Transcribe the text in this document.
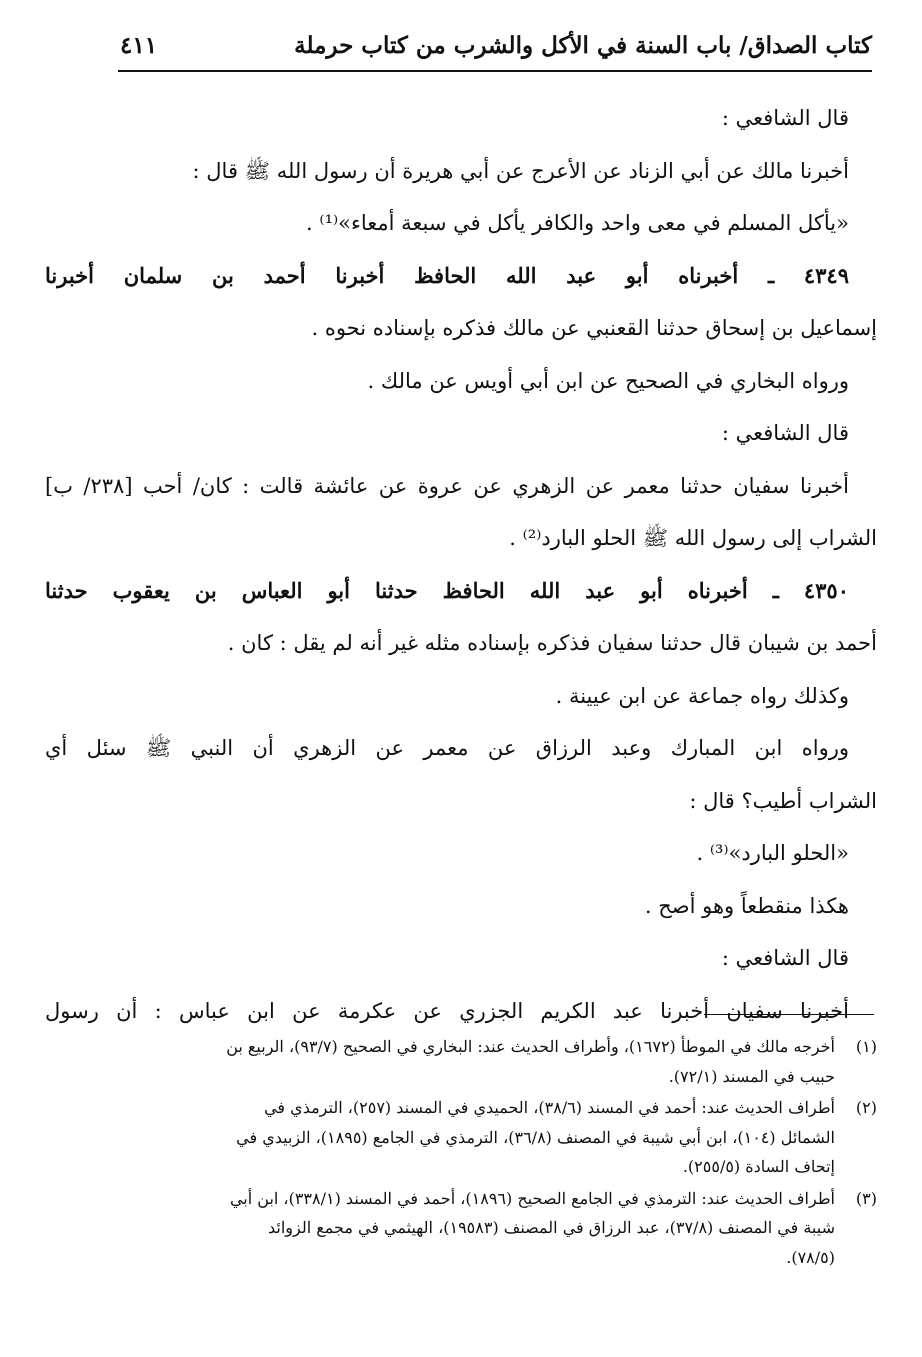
كتاب الصداق/ باب السنة في الأكل والشرب من كتاب حرملة
٤١١
قال الشافعي :
أخبرنا مالك عن أبي الزناد عن الأعرج عن أبي هريرة أن رسول الله ﷺ قال :
«يأكل المسلم في معى واحد والكافر يأكل في سبعة أمعاء»⁽¹⁾ .
٤٣٤٩ ـ أخبرناه أبو عبد الله الحافظ أخبرنا أحمد بن سلمان أخبرنا
إسماعيل بن إسحاق حدثنا القعنبي عن مالك فذكره بإسناده نحوه .
ورواه البخاري في الصحيح عن ابن أبي أويس عن مالك .
قال الشافعي :
أخبرنا سفيان حدثنا معمر عن الزهري عن عروة عن عائشة قالت : كان/ أحب [٢٣٨/ ب]
الشراب إلى رسول الله ﷺ الحلو البارد⁽²⁾ .
٤٣٥٠ ـ أخبرناه أبو عبد الله الحافظ حدثنا أبو العباس بن يعقوب حدثنا
أحمد بن شيبان قال حدثنا سفيان فذكره بإسناده مثله غير أنه لم يقل : كان .
وكذلك رواه جماعة عن ابن عيينة .
ورواه ابن المبارك وعبد الرزاق عن معمر عن الزهري أن النبي ﷺ سئل أي
الشراب أطيب؟ قال :
«الحلو البارد»⁽³⁾ .
هكذا منقطعاً وهو أصح .
قال الشافعي :
أخبرنا سفيان أخبرنا عبد الكريم الجزري عن عكرمة عن ابن عباس : أن رسول
(١)
أخرجه مالك في الموطأ (١٦٧٢)، وأطراف الحديث عند: البخاري في الصحيح (٩٣/٧)، الربيع بن
حبيب في المسند (٧٢/١).
(٢)
أطراف الحديث عند: أحمد في المسند (٣٨/٦)، الحميدي في المسند (٢٥٧)، الترمذي في
الشمائل (١٠٤)، ابن أبي شيبة في المصنف (٣٦/٨)، الترمذي في الجامع (١٨٩٥)، الزبيدي في
إتحاف السادة (٢٥٥/٥).
(٣)
أطراف الحديث عند: الترمذي في الجامع الصحيح (١٨٩٦)، أحمد في المسند (٣٣٨/١)، ابن أبي
شيبة في المصنف (٣٧/٨)، عبد الرزاق في المصنف (١٩٥٨٣)، الهيثمي في مجمع الزوائد
(٧٨/٥).
